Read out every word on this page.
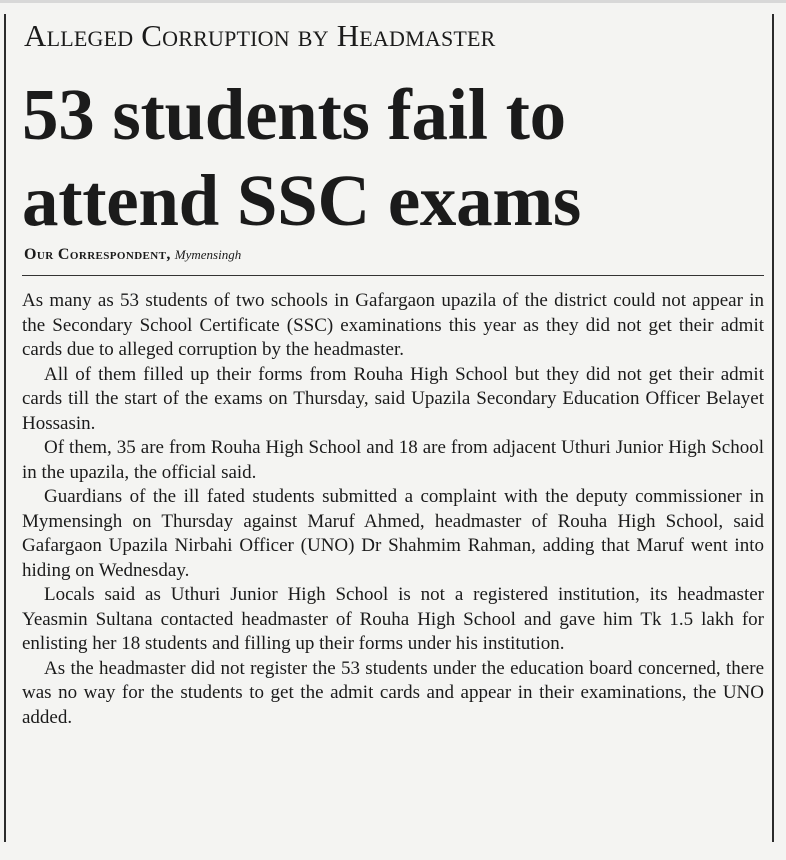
Alleged Corruption by Headmaster
53 students fail to attend SSC exams
Our Correspondent, Mymensingh

As many as 53 students of two schools in Gafargaon upazila of the district could not appear in the Secondary School Certificate (SSC) examinations this year as they did not get their admit cards due to alleged corruption by the headmaster.

All of them filled up their forms from Rouha High School but they did not get their admit cards till the start of the exams on Thursday, said Upazila Secondary Education Officer Belayet Hossasin.

Of them, 35 are from Rouha High School and 18 are from adjacent Uthuri Junior High School in the upazila, the official said.

Guardians of the ill fated students submitted a complaint with the deputy commissioner in Mymensingh on Thursday against Maruf Ahmed, headmaster of Rouha High School, said Gafargaon Upazila Nirbahi Officer (UNO) Dr Shahmim Rahman, adding that Maruf went into hiding on Wednesday.

Locals said as Uthuri Junior High School is not a registered institution, its headmaster Yeasmin Sultana contacted headmaster of Rouha High School and gave him Tk 1.5 lakh for enlisting her 18 students and filling up their forms under his institution.

As the headmaster did not register the 53 students under the education board concerned, there was no way for the students to get the admit cards and appear in their examinations, the UNO added.
